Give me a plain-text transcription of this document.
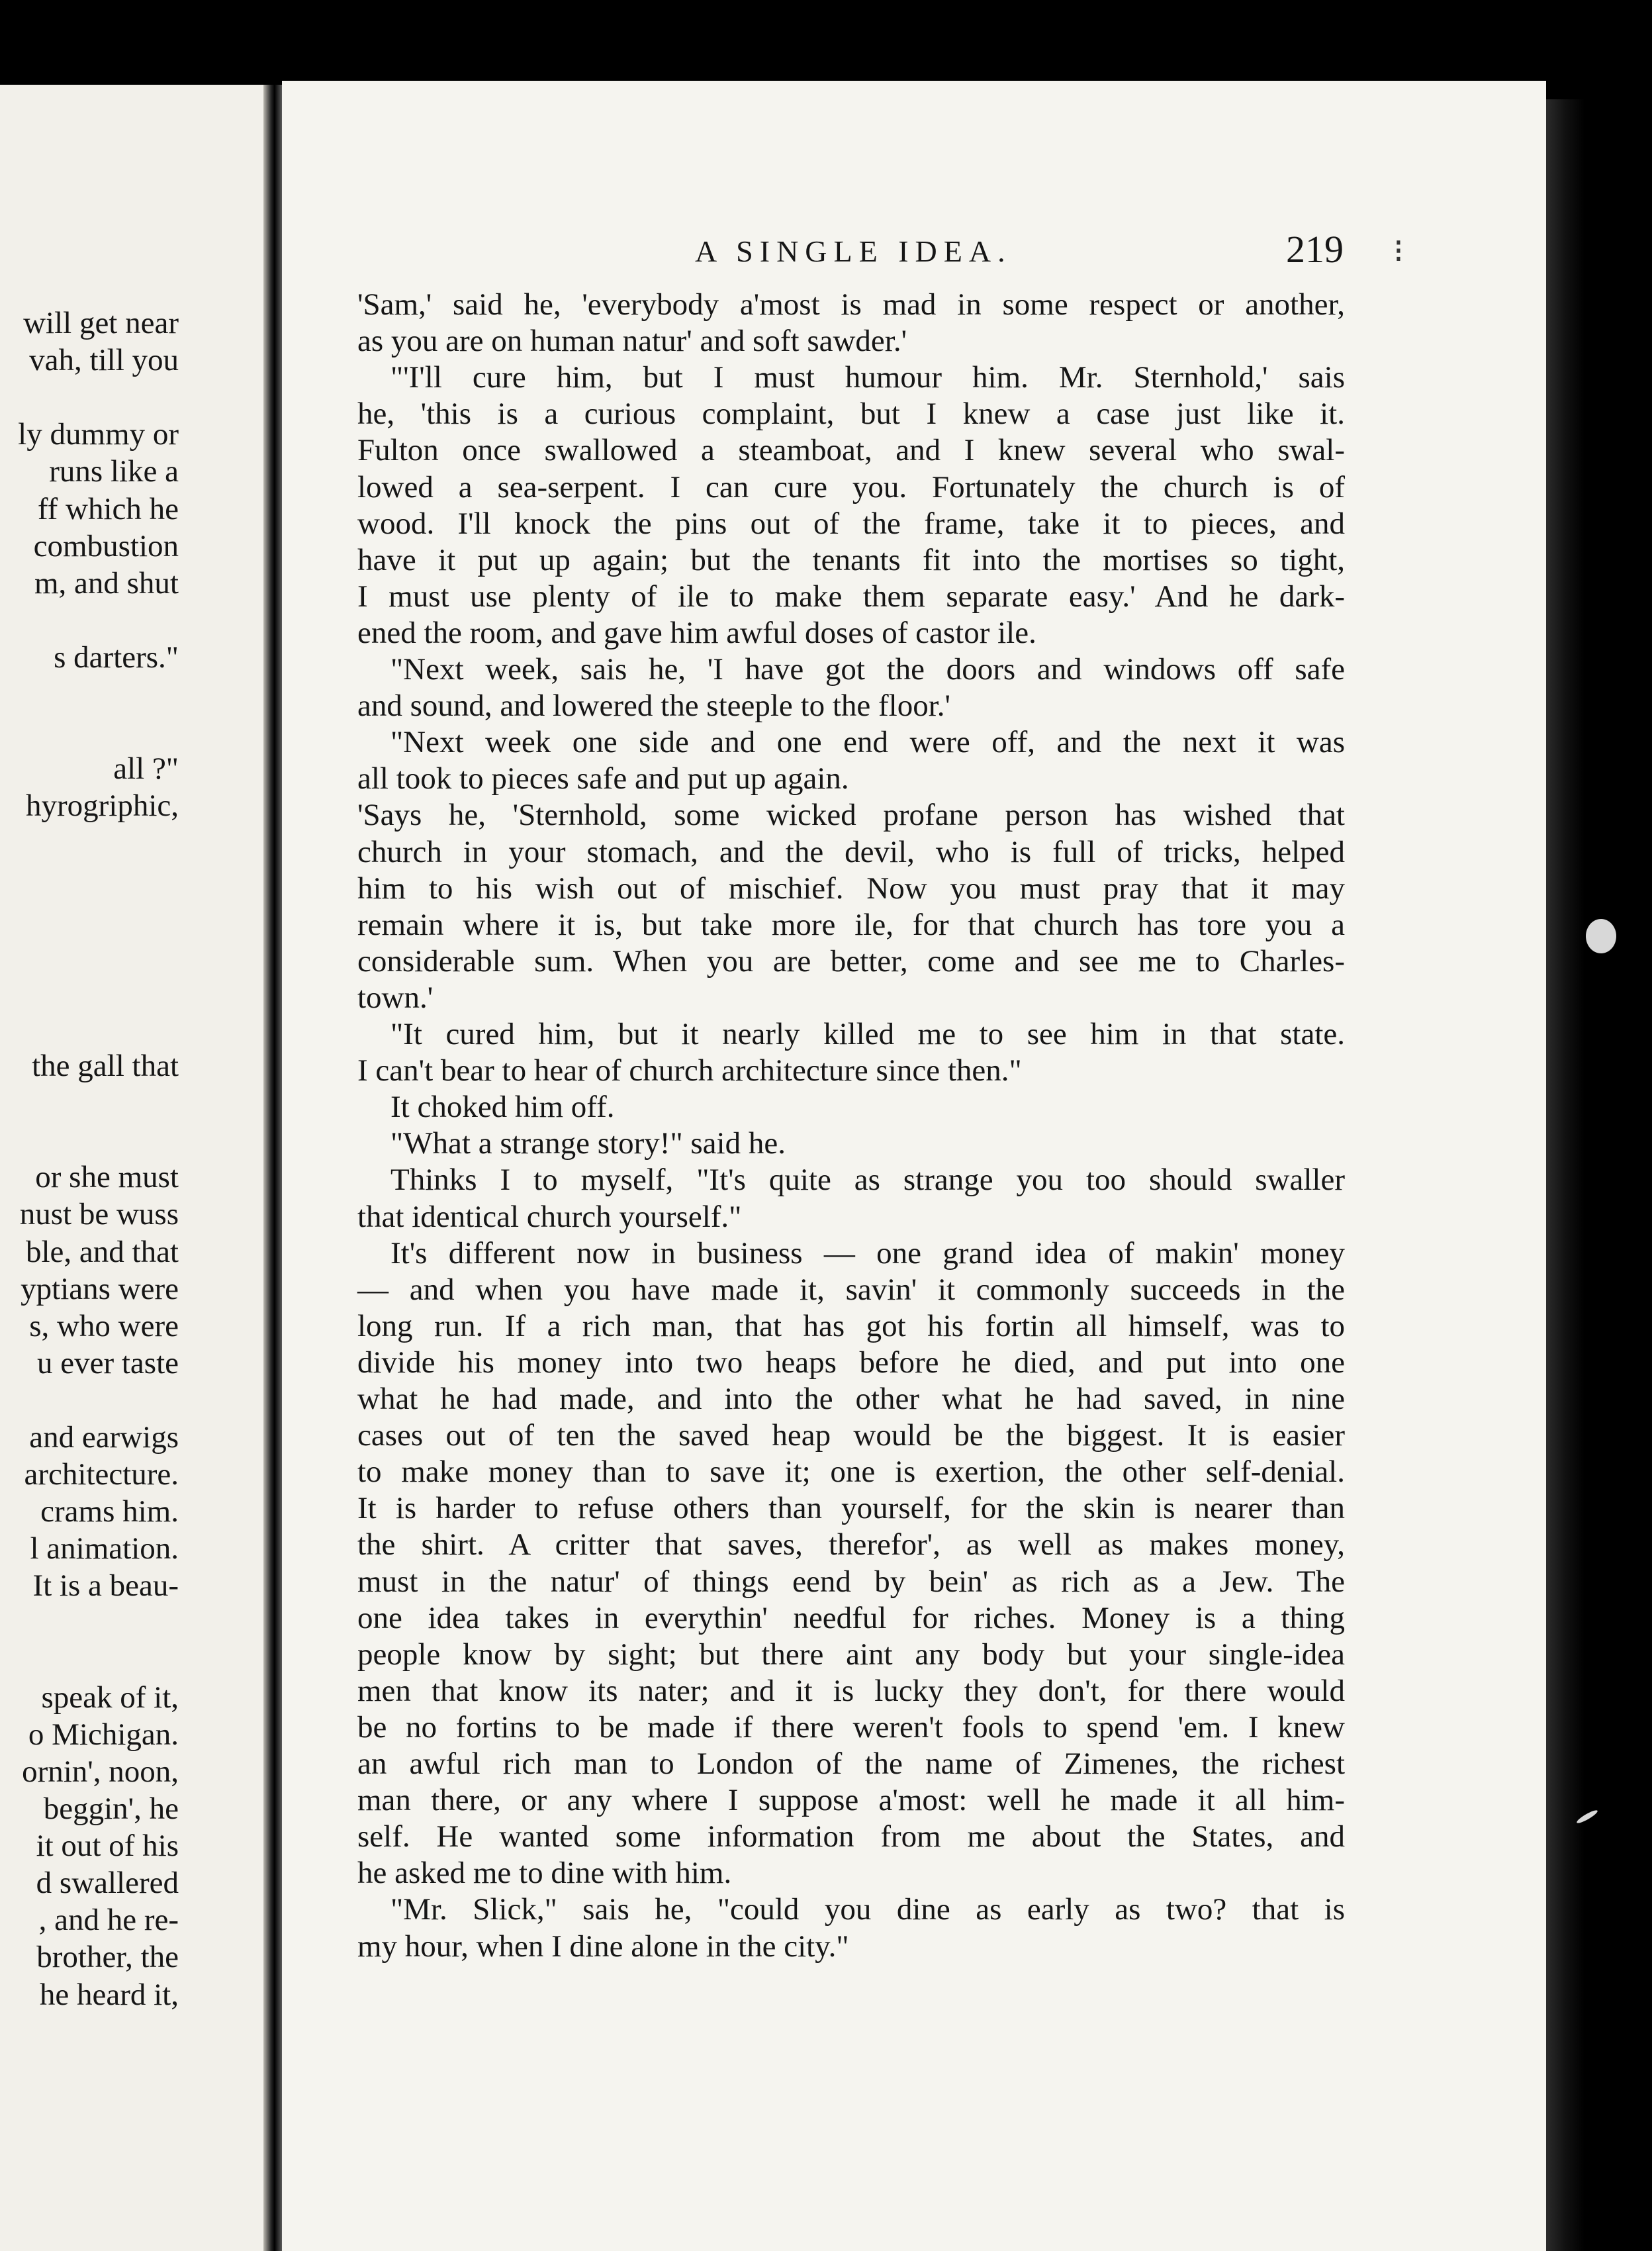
will get near
vah, till you
ly dummy or
runs like a
ff which he
combustion
m, and shut
s darters."
all ?"
hyrogriphic,
the gall that
or she must
nust be wuss
ble, and that
yptians were
s, who were
u ever taste
and earwigs
architecture.
crams him.
l animation.
It is a beau-
speak of it,
o Michigan.
ornin', noon,
beggin', he
it out of his
d swallered
, and he re-
brother, the
he heard it,
⁝
A SINGLE IDEA.	219
'Sam,' said he, 'everybody a'most is mad in some respect or another,
as you are on human natur' and soft sawder.'
"'I'll cure him, but I must humour him. Mr. Sternhold,' sais
he, 'this is a curious complaint, but I knew a case just like it.
Fulton once swallowed a steamboat, and I knew several who swal-
lowed a sea-serpent. I can cure you. Fortunately the church is of
wood. I'll knock the pins out of the frame, take it to pieces, and
have it put up again; but the tenants fit into the mortises so tight,
I must use plenty of ile to make them separate easy.' And he dark-
ened the room, and gave him awful doses of castor ile.
"Next week, sais he, 'I have got the doors and windows off safe
and sound, and lowered the steeple to the floor.'
"Next week one side and one end were off, and the next it was
all took to pieces safe and put up again.
'Says he, 'Sternhold, some wicked profane person has wished that
church in your stomach, and the devil, who is full of tricks, helped
him to his wish out of mischief. Now you must pray that it may
remain where it is, but take more ile, for that church has tore you a
considerable sum. When you are better, come and see me to Charles-
town.'
"It cured him, but it nearly killed me to see him in that state.
I can't bear to hear of church architecture since then."
It choked him off.
"What a strange story!" said he.
Thinks I to myself, "It's quite as strange you too should swaller
that identical church yourself."
It's different now in business — one grand idea of makin' money
— and when you have made it, savin' it commonly succeeds in the
long run. If a rich man, that has got his fortin all himself, was to
divide his money into two heaps before he died, and put into one
what he had made, and into the other what he had saved, in nine
cases out of ten the saved heap would be the biggest. It is easier
to make money than to save it; one is exertion, the other self-denial.
It is harder to refuse others than yourself, for the skin is nearer than
the shirt. A critter that saves, therefor', as well as makes money,
must in the natur' of things eend by bein' as rich as a Jew. The
one idea takes in everythin' needful for riches. Money is a thing
people know by sight; but there aint any body but your single-idea
men that know its nater; and it is lucky they don't, for there would
be no fortins to be made if there weren't fools to spend 'em. I knew
an awful rich man to London of the name of Zimenes, the richest
man there, or any where I suppose a'most: well he made it all him-
self. He wanted some information from me about the States, and
he asked me to dine with him.
"Mr. Slick," sais he, "could you dine as early as two? that is
my hour, when I dine alone in the city."
